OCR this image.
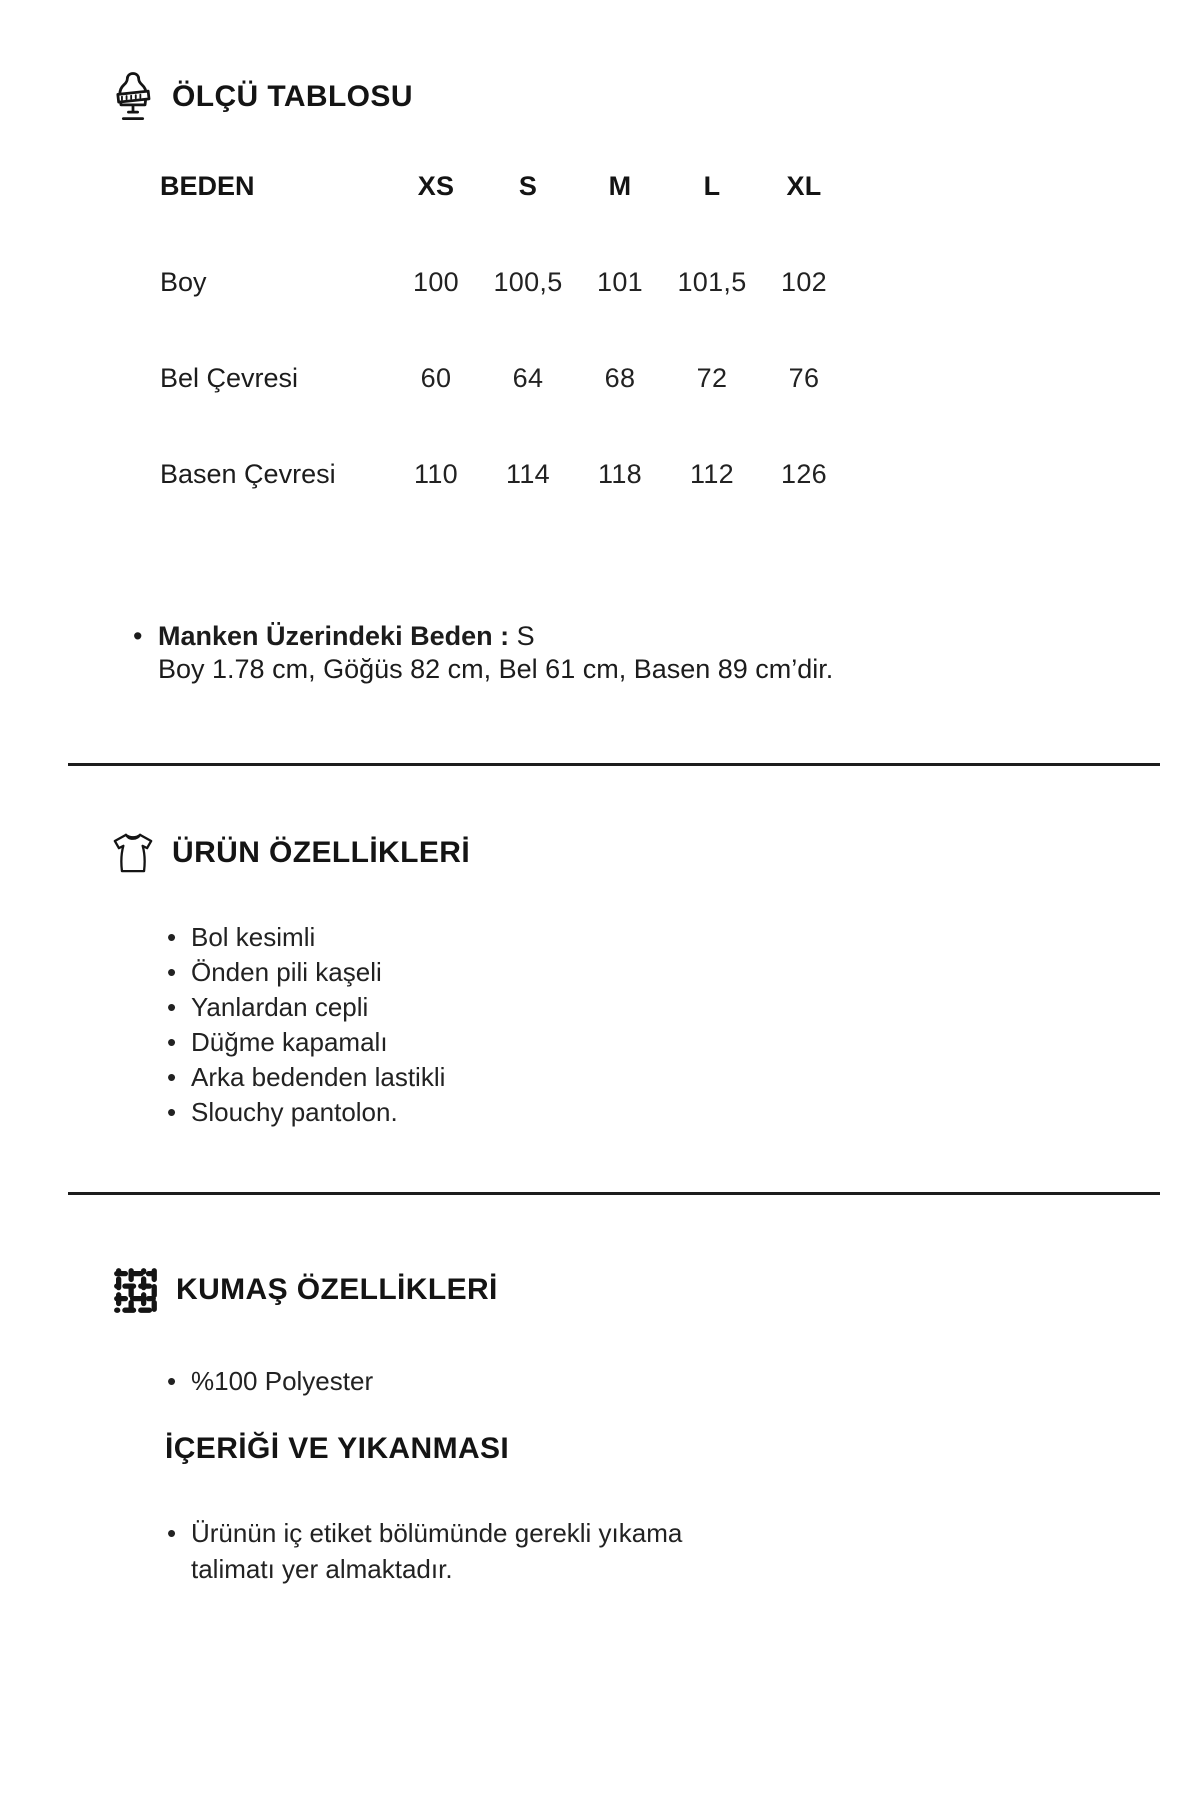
ÖLÇÜ TABLOSU
BEDEN	XS	S	M	L	XL
Boy	100	100,5	101	101,5	102
Bel Çevresi	60	64	68	72	76
Basen Çevresi	110	114	118	112	126
• Manken Üzerindeki Beden : S
Boy 1.78 cm, Göğüs 82 cm, Bel 61 cm, Basen 89 cm’dir.
ÜRÜN ÖZELLİKLERİ
• Bol kesimli
• Önden pili kaşeli
• Yanlardan cepli
• Düğme kapamalı
• Arka bedenden lastikli
• Slouchy pantolon.
KUMAŞ ÖZELLİKLERİ
• %100 Polyester
İÇERİĞİ VE YIKANMASI
• Ürünün iç etiket bölümünde gerekli yıkama talimatı yer almaktadır.
